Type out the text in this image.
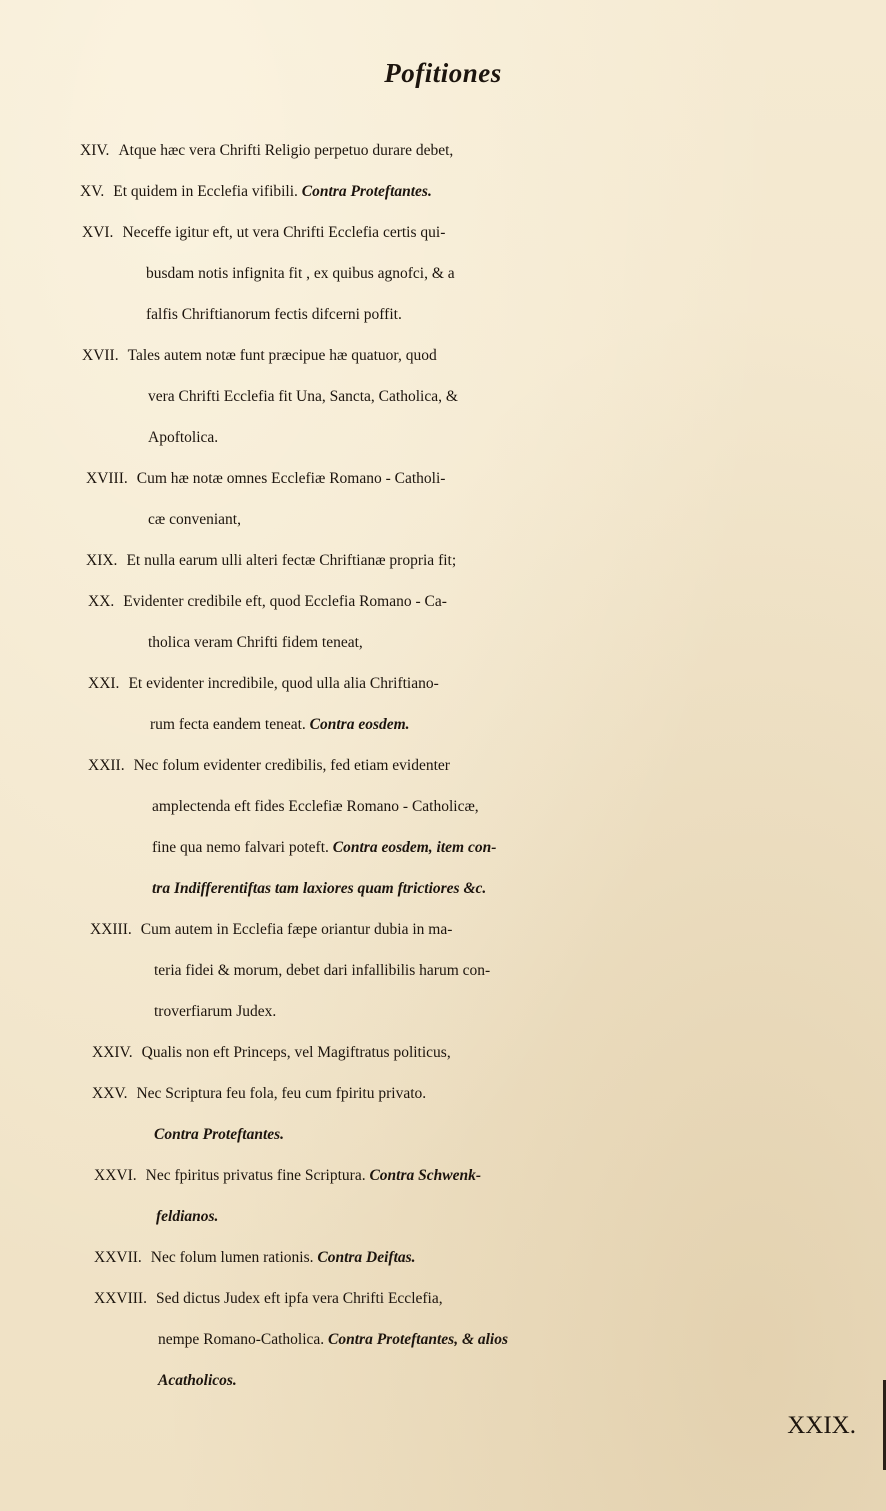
Pofitiones
XIV. Atque hæc vera Chrifti Religio perpetuo durare debet,
XV. Et quidem in Ecclefia vifibili. Contra Proteftantes.
XVI. Neceffe igitur eft, ut vera Chrifti Ecclefia certis qui-
busdam notis infignita fit , ex quibus agnofci, & a
falfis Chriftianorum fectis difcerni poffit.
XVII. Tales autem notæ funt præcipue hæ quatuor, quod
vera Chrifti Ecclefia fit Una, Sancta, Catholica, &
Apoftolica.
XVIII. Cum hæ notæ omnes Ecclefiæ Romano - Catholi-
cæ conveniant,
XIX. Et nulla earum ulli alteri fectæ Chriftianæ propria fit;
XX. Evidenter credibile eft, quod Ecclefia Romano - Ca-
tholica veram Chrifti fidem teneat,
XXI. Et evidenter incredibile, quod ulla alia Chriftiano-
rum fecta eandem teneat. Contra eosdem.
XXII. Nec folum evidenter credibilis, fed etiam evidenter
amplectenda eft fides Ecclefiæ Romano - Catholicæ,
fine qua nemo falvari poteft. Contra eosdem, item con-
tra Indifferentiftas tam laxiores quam ftrictiores &c.
XXIII. Cum autem in Ecclefia fæpe oriantur dubia in ma-
teria fidei & morum, debet dari infallibilis harum con-
troverfiarum Judex.
XXIV. Qualis non eft Princeps, vel Magiftratus politicus,
XXV. Nec Scriptura feu fola, feu cum fpiritu privato.
Contra Proteftantes.
XXVI. Nec fpiritus privatus fine Scriptura. Contra Schwenk-
feldianos.
XXVII. Nec folum lumen rationis. Contra Deiftas.
XXVIII. Sed dictus Judex eft ipfa vera Chrifti Ecclefia,
nempe Romano-Catholica. Contra Proteftantes, & alios
Acatholicos.
XXIX.
